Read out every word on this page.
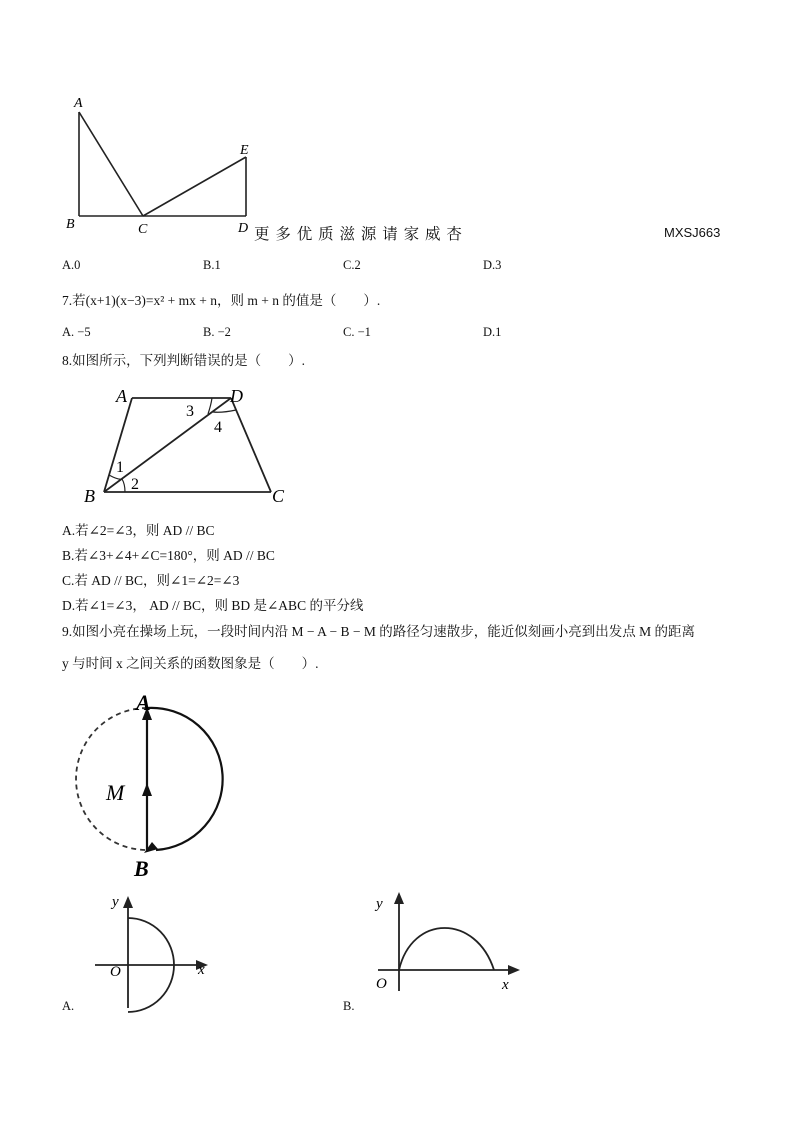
A
B	C	D
E
更 多 优 质 滋 源 请 家 威 杏	MXSJ663
A.0	B.1	C.2	D.3
7.若(x+1)(x−3)=x² + mx + n，则 m + n 的值是（　　）.
A. −5	B. −2	C. −1	D.1
8.如图所示，下列判断错误的是（　　）.
A	D
B	C
1
2
3
4
A.若∠2=∠3，则 AD // BC
B.若∠3+∠4+∠C=180°，则 AD // BC
C.若 AD // BC，则∠1=∠2=∠3
D.若∠1=∠3， AD // BC，则 BD 是∠ABC 的平分线
9.如图小亮在操场上玩，一段时间内沿 M − A − B − M 的路径匀速散步，能近似刻画小亮到出发点 M 的距离
y 与时间 x 之间关系的函数图象是（　　）.
A
M
B
y
x
O
A.
y
x
O
B.
